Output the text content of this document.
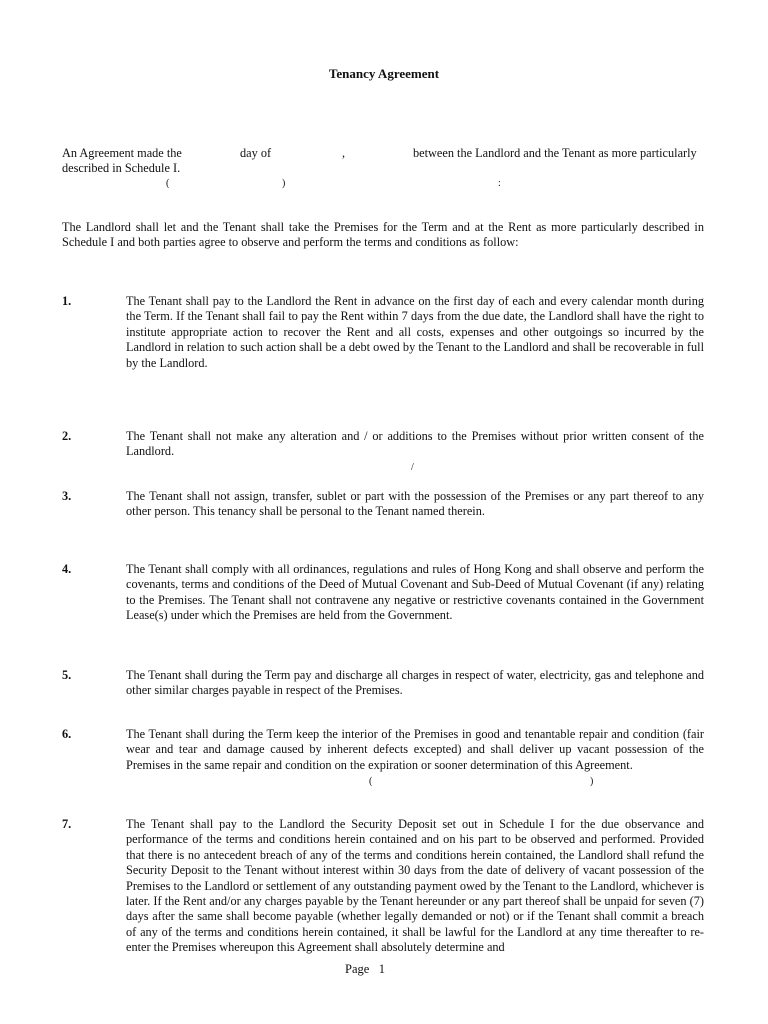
Tenancy Agreement
An Agreement made the	day of	,	between the Landlord and the Tenant as more particularly
described in Schedule I.
(	)	:
The Landlord shall let and the Tenant shall take the Premises for the Term and at the Rent as more particularly described in Schedule I and both parties agree to observe and perform the terms and conditions as follow:
1.	The Tenant shall pay to the Landlord the Rent in advance on the first day of each and every calendar month during the Term. If the Tenant shall fail to pay the Rent within 7 days from the due date, the Landlord shall have the right to institute appropriate action to recover the Rent and all costs, expenses and other outgoings so incurred by the Landlord in relation to such action shall be a debt owed by the Tenant to the Landlord and shall be recoverable in full by the Landlord.
2.	The Tenant shall not make any alteration and / or additions to the Premises without prior written consent of the Landlord.
/
3.	The Tenant shall not assign, transfer, sublet or part with the possession of the Premises or any part thereof to any other person. This tenancy shall be personal to the Tenant named therein.
4.	The Tenant shall comply with all ordinances, regulations and rules of Hong Kong and shall observe and perform the covenants, terms and conditions of the Deed of Mutual Covenant and Sub-Deed of Mutual Covenant (if any) relating to the Premises. The Tenant shall not contravene any negative or restrictive covenants contained in the Government Lease(s) under which the Premises are held from the Government.
5.	The Tenant shall during the Term pay and discharge all charges in respect of water, electricity, gas and telephone and other similar charges payable in respect of the Premises.
6.	The Tenant shall during the Term keep the interior of the Premises in good and tenantable repair and condition (fair wear and tear and damage caused by inherent defects excepted) and shall deliver up vacant possession of the Premises in the same repair and condition on the expiration or sooner determination of this Agreement.
(	)
7.	The Tenant shall pay to the Landlord the Security Deposit set out in Schedule I for the due observance and performance of the terms and conditions herein contained and on his part to be observed and performed. Provided that there is no antecedent breach of any of the terms and conditions herein contained, the Landlord shall refund the Security Deposit to the Tenant without interest within 30 days from the date of delivery of vacant possession of the Premises to the Landlord or settlement of any outstanding payment owed by the Tenant to the Landlord, whichever is later. If the Rent and/or any charges payable by the Tenant hereunder or any part thereof shall be unpaid for seven (7) days after the same shall become payable (whether legally demanded or not) or if the Tenant shall commit a breach of any of the terms and conditions herein contained, it shall be lawful for the Landlord at any time thereafter to re-enter the Premises whereupon this Agreement shall absolutely determine and
Page 1
